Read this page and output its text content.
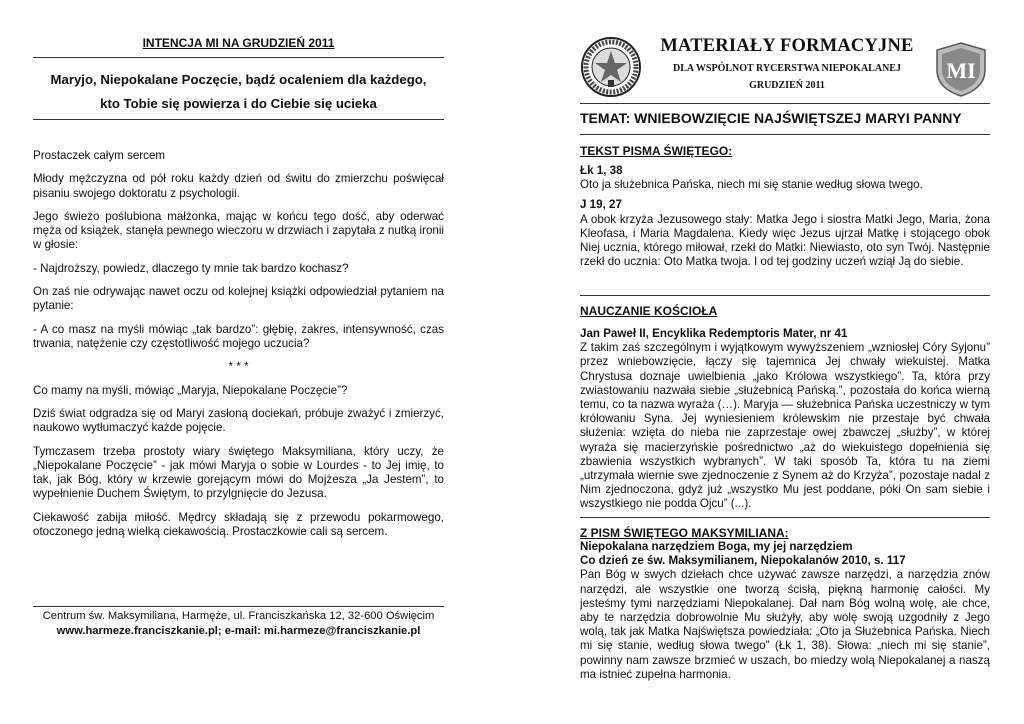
INTENCJA MI NA GRUDZIEŃ 2011
Maryjo, Niepokalane Poczęcie, bądź ocaleniem dla każdego,
kto Tobie się powierza i do Ciebie się ucieka

Prostaczek całym sercem

Młody mężczyzna od pół roku każdy dzień od świtu do zmierzchu poświęcał pisaniu swojego doktoratu z psychologii.

Jego świeżo poślubiona małżonka, mając w końcu tego dość, aby oderwać męża od książek, stanęła pewnego wieczoru w drzwiach i zapytała z nutką ironii w głosie:

- Najdroższy, powiedz, dlaczego ty mnie tak bardzo kochasz?

On zaś nie odrywając nawet oczu od kolejnej książki odpowiedział pytaniem na pytanie:

- A co masz na myśli mówiąc „tak bardzo”: głębię, zakres, intensywność, czas trwania, natężenie czy częstotliwość mojego uczucia?

* * *

Co mamy na myśli, mówiąc „Maryja, Niepokalane Poczęcie”?

Dziś świat odgradza się od Maryi zasłoną dociekań, próbuje zważyć i zmierzyć, naukowo wytłumaczyć każde pojęcie.

Tymczasem trzeba prostoty wiary świętego Maksymiliana, który uczy, że „Niepokalane Poczęcie” - jak mówi Maryja o sobie w Lourdes - to Jej imię, to tak, jak Bóg, który w krzewie gorejącym mówi do Mojżesza „Ja Jestem”, to wypełnienie Duchem Świętym, to przylgnięcie do Jezusa.

Ciekawość zabija miłość. Mędrcy składają się z przewodu pokarmowego, otoczonego jedną wielką ciekawością. Prostaczkowie cali są sercem.

Centrum św. Maksymiliana, Harmęże, ul. Franciszkańska 12, 32-600 Oświęcim
www.harmeze.franciszkanie.pl; e-mail: mi.harmeze@franciszkanie.pl
MI
MATERIAŁY FORMACYJNE
DLA WSPÓLNOT RYCERSTWA NIEPOKALANEJ
GRUDZIEŃ 2011
TEMAT: WNIEBOWZIĘCIE NAJŚWIĘTSZEJ MARYI PANNY
TEKST PISMA ŚWIĘTEGO:

Łk 1, 38

Oto ja służebnica Pańska, niech mi się stanie według słowa twego.

J 19, 27

A obok krzyża Jezusowego stały: Matka Jego i siostra Matki Jego, Maria, żona Kleofasa, i Maria Magdalena. Kiedy więc Jezus ujrzał Matkę i stojącego obok Niej ucznia, którego miłował, rzekł do Matki: Niewiasto, oto syn Twój. Następnie rzekł do ucznia: Oto Matka twoja. I od tej godziny uczeń wziął Ją do siebie.

NAUCZANIE KOŚCIOŁA

Jan Paweł II, Encyklika Redemptoris Mater, nr 41

Z takim zaś szczególnym i wyjątkowym wywyższeniem „wzniosłej Córy Syjonu” przez wniebowzięcie, łączy się tajemnica Jej chwały wiekuistej. Matka Chrystusa doznaje uwielbienia „jako Królowa wszystkiego”. Ta, która przy zwiastowaniu nazwała siebie „służebnicą Pańską.”, pozostała do końca wierną temu, co ta nazwa wyraża (…). Maryja — służebnica Pańska uczestniczy w tym królowaniu Syna. Jej wyniesieniem królewskim nie przestaje być chwała służenia: wzięta do nieba nie zaprzestaje owej zbawczej „służby”, w której wyraża się macierzyńskie pośrednictwo „aż do wiekuistego dopełnienia się zbawienia wszystkich wybranych”. W taki sposób Ta, która tu na ziemi „utrzymała wiernie swe zjednoczenie z Synem aż do Krzyża”, pozostaje nadal z Nim zjednoczona, gdyż już „wszystko Mu jest poddane, póki On sam siebie i wszystkiego nie podda Ojcu” (...).

Z PISM ŚWIĘTEGO MAKSYMILIANA:

Niepokalana narzędziem Boga, my jej narzędziem

Co dzień ze św. Maksymilianem, Niepokalanów 2010, s. 117

Pan Bóg w swych dziełach chce używać zawsze narzędzi, a narzędzia znów narzędzi, ale wszystkie one tworzą ścisłą, piękną harmonię całości. My jesteśmy tymi narzędziami Niepokalanej. Dał nam Bóg wolną wolę, ale chce, aby te narzędzia dobrowolnie Mu służyły, aby wolę swoją uzgodniły z Jego wolą, tak jak Matka Najświętsza powiedziała: „Oto ja Służebnica Pańska. Niech mi się stanie, według słowa twego” (Łk 1, 38). Słowa: „niech mi się stanie”, powinny nam zawsze brzmieć w uszach, bo miedzy wolą Niepokalanej a naszą ma istnieć zupełna harmonia.
